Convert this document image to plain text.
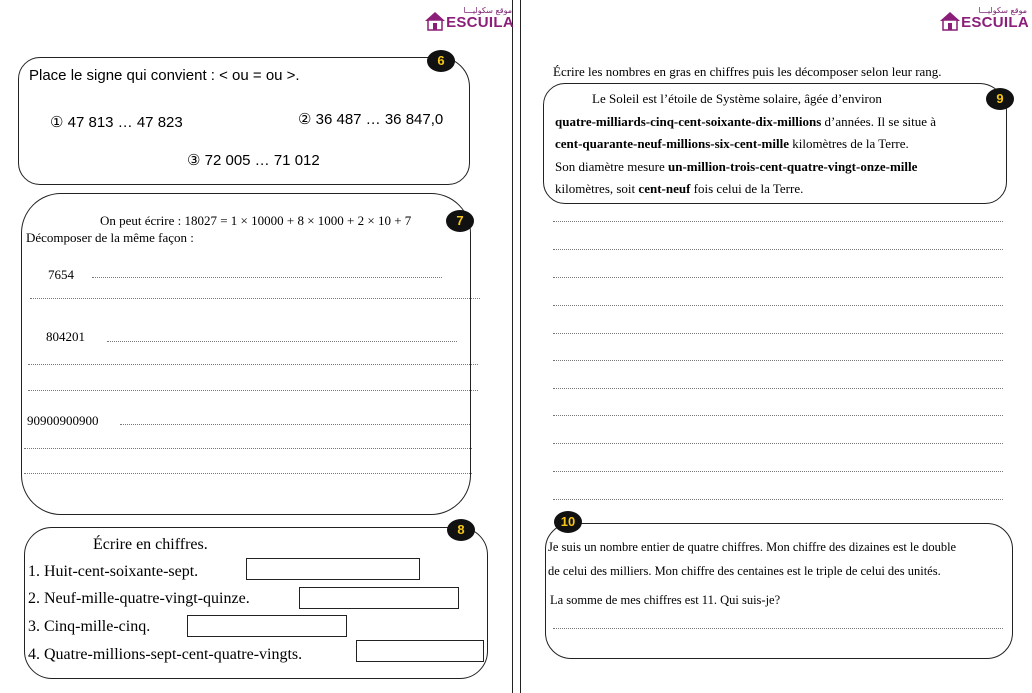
موقع سكوليـــا
ESCUILA
موقع سكوليـــا
ESCUILA
6
Place le signe qui convient : < ou = ou >.
① 47 813 … 47 823	② 36 487 … 36 847,0
③ 72 005 … 71 012
7
On peut écrire : 18027 = 1 × 10000 + 8 × 1000 + 2 × 10 + 7
Décomposer de la même façon :
7654
804201
90900900900
8
Écrire en chiffres.
1. Huit-cent-soixante-sept.
2. Neuf-mille-quatre-vingt-quinze.
3. Cinq-mille-cinq.
4. Quatre-millions-sept-cent-quatre-vingts.
Écrire les nombres en gras en chiffres puis les décomposer selon leur rang.
9
Le Soleil est l’étoile de Système solaire, âgée d’environ
quatre-milliards-cinq-cent-soixante-dix-millions d’années. Il se situe à
cent-quarante-neuf-millions-six-cent-mille kilomètres de la Terre.
Son diamètre mesure un-million-trois-cent-quatre-vingt-onze-mille
kilomètres, soit cent-neuf fois celui de la Terre.
10
Je suis un nombre entier de quatre chiffres. Mon chiffre des dizaines est le double
de celui des milliers. Mon chiffre des centaines est le triple de celui des unités.
La somme de mes chiffres est 11. Qui suis-je?
